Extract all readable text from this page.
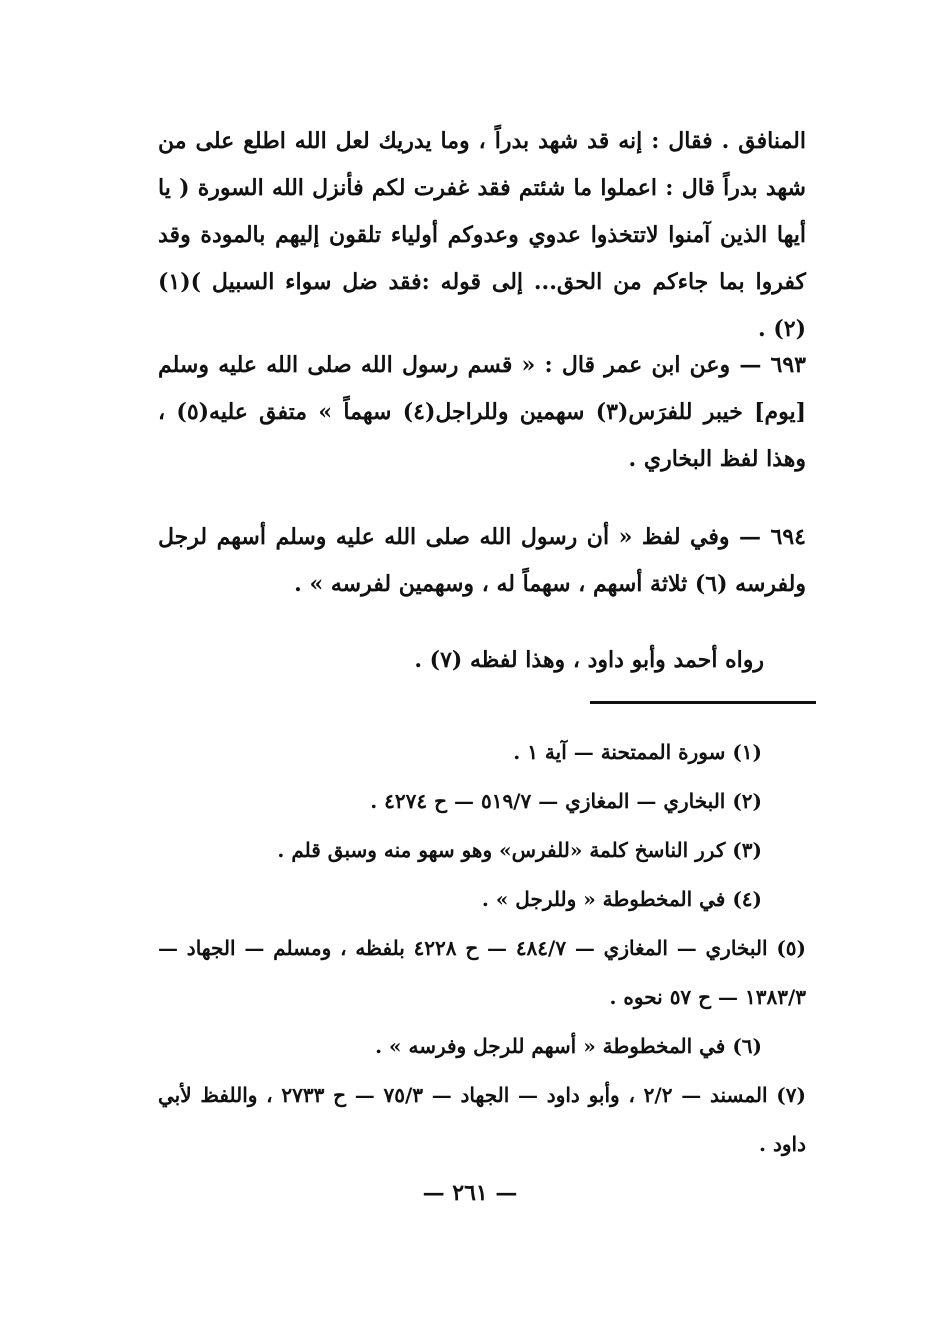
المنافق . فقال : إنه قد شهد بدراً ، وما يدريك لعل الله اطلع على من شهد بدراً قال : اعملوا ما شئتم فقد غفرت لكم فأنزل الله السورة ( يا أيها الذين آمنوا لاتتخذوا عدوي وعدوكم أولياء تلقون إليهم بالمودة وقد كفروا بما جاءكم من الحق... إلى قوله :فقد ضل سواء السبيل )(١) (٢) .

٦٩٣ — وعن ابن عمر قال : « قسم رسول الله صلى الله عليه وسلم [يوم] خيبر للفرَس(٣) سهمين وللراجل(٤) سهماً » متفق عليه(٥) ، وهذا لفظ البخاري .

٦٩٤ — وفي لفظ « أن رسول الله صلى الله عليه وسلم أسهم لرجل ولفرسه (٦) ثلاثة أسهم ، سهماً له ، وسهمين لفرسه » .

رواه أحمد وأبو داود ، وهذا لفظه (٧) .

(١) سورة الممتحنة — آية ١ .

(٢) البخاري — المغازي — ٥١٩/٧ — ح ٤٢٧٤ .

(٣) كرر الناسخ كلمة «للفرس» وهو سهو منه وسبق قلم .

(٤) في المخطوطة « وللرجل » .

(٥) البخاري — المغازي — ٤٨٤/٧ — ح ٤٢٢٨ بلفظه ، ومسلم — الجهاد — ١٣٨٣/٣ — ح ٥٧ نحوه .

(٦) في المخطوطة « أسهم للرجل وفرسه » .

(٧) المسند — ٢/٢ ، وأبو داود — الجهاد — ٧٥/٣ — ح ٢٧٣٣ ، واللفظ لأبي داود .

— ٢٦١ —
